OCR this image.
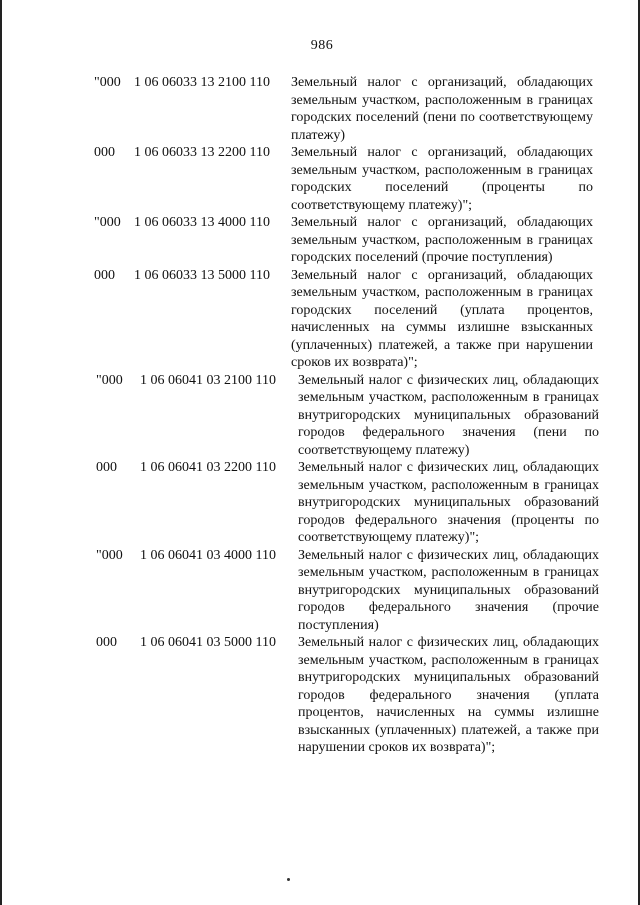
986
"000 1 06 06033 13 2100 110 Земельный налог с организаций, обладающих земельным участком, расположенным в границах городских поселений (пени по соответствующему платежу)
000 1 06 06033 13 2200 110 Земельный налог с организаций, обладающих земельным участком, расположенным в границах городских поселений (проценты по соответствующему платежу)";
"000 1 06 06033 13 4000 110 Земельный налог с организаций, обладающих земельным участком, расположенным в границах городских поселений (прочие поступления)
000 1 06 06033 13 5000 110 Земельный налог с организаций, обладающих земельным участком, расположенным в границах городских поселений (уплата процентов, начисленных на суммы излишне взысканных (уплаченных) платежей, а также при нарушении сроков их возврата)";
"000 1 06 06041 03 2100 110 Земельный налог с физических лиц, обладающих земельным участком, расположенным в границах внутригородских муниципальных образований городов федерального значения (пени по соответствующему платежу)
000 1 06 06041 03 2200 110 Земельный налог с физических лиц, обладающих земельным участком, расположенным в границах внутригородских муниципальных образований городов федерального значения (проценты по соответствующему платежу)";
"000 1 06 06041 03 4000 110 Земельный налог с физических лиц, обладающих земельным участком, расположенным в границах внутригородских муниципальных образований городов федерального значения (прочие поступления)
000 1 06 06041 03 5000 110 Земельный налог с физических лиц, обладающих земельным участком, расположенным в границах внутригородских муниципальных образований городов федерального значения (уплата процентов, начисленных на суммы излишне взысканных (уплаченных) платежей, а также при нарушении сроков их возврата)";
